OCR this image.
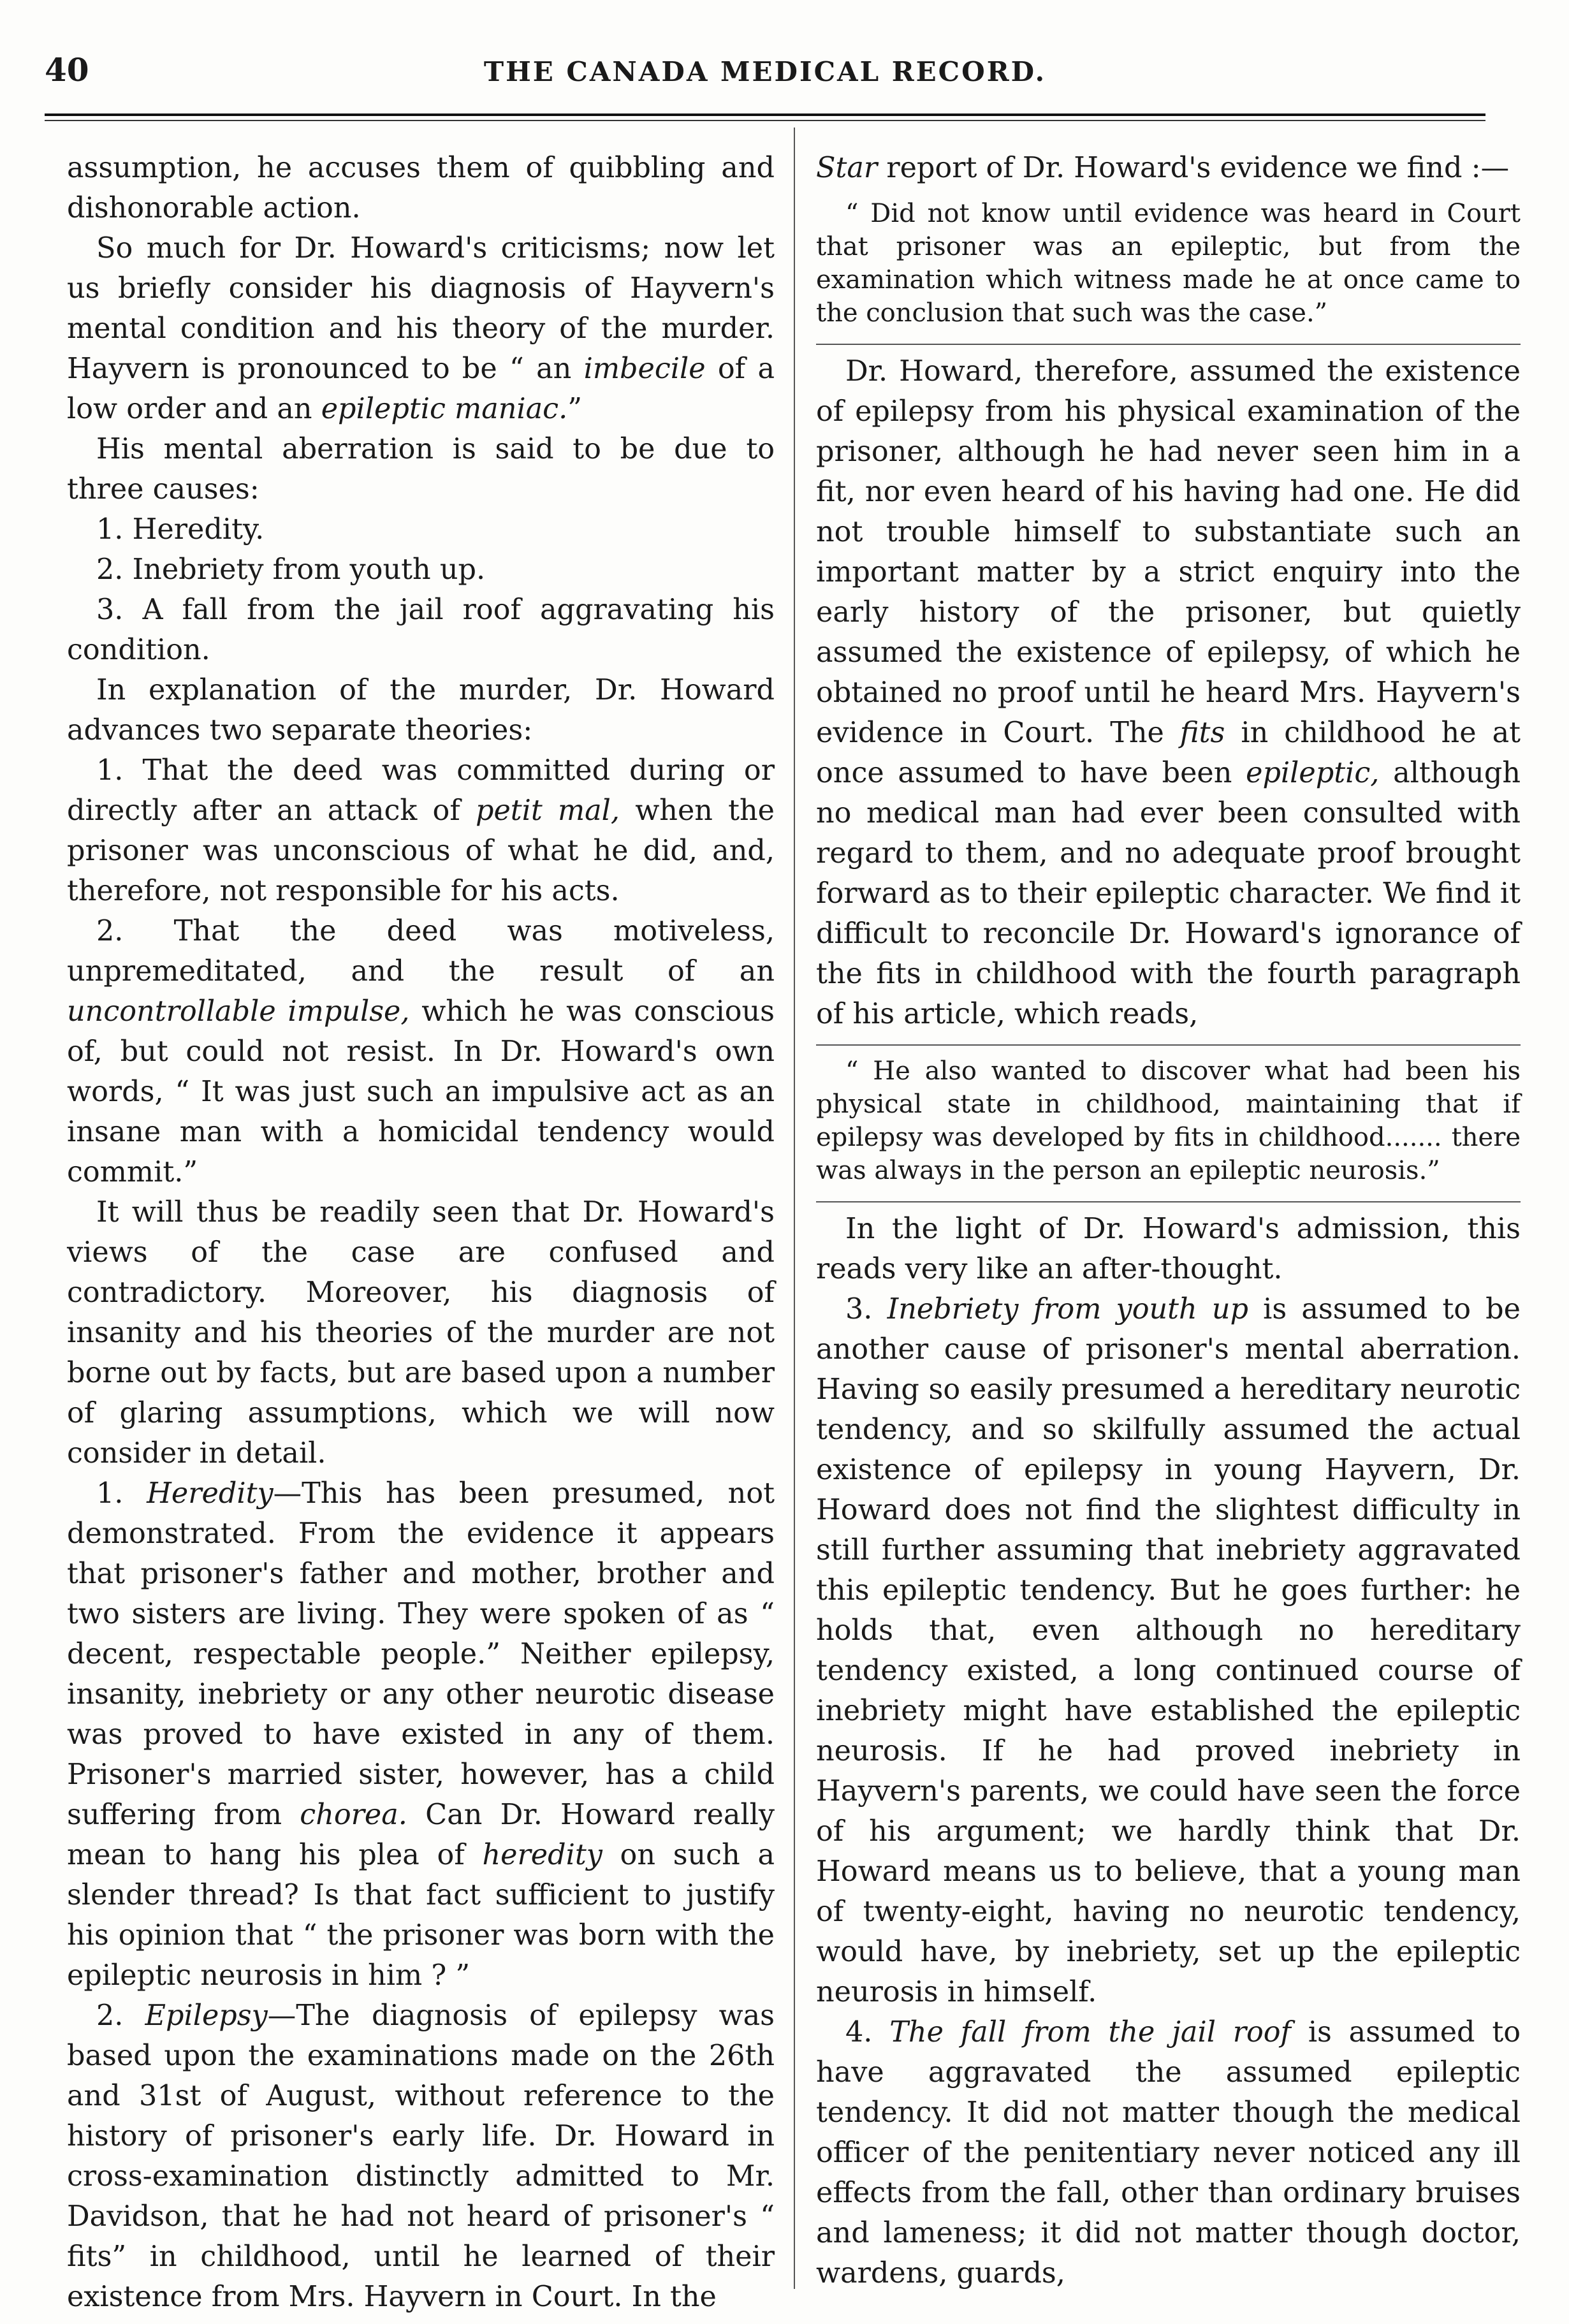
40	THE CANADA MEDICAL RECORD.

assumption, he accuses them of quibbling and dishonorable action.

So much for Dr. Howard's criticisms; now let us briefly consider his diagnosis of Hayvern's mental condition and his theory of the murder. Hayvern is pronounced to be “ an imbecile of a low order and an epileptic maniac.”

His mental aberration is said to be due to three causes:

1. Heredity.

2. Inebriety from youth up.

3. A fall from the jail roof aggravating his condition.

In explanation of the murder, Dr. Howard advances two separate theories:

1. That the deed was committed during or directly after an attack of petit mal, when the prisoner was unconscious of what he did, and, therefore, not responsible for his acts.

2. That the deed was motiveless, unpremeditated, and the result of an uncontrollable impulse, which he was conscious of, but could not resist. In Dr. Howard's own words, “ It was just such an impulsive act as an insane man with a homicidal tendency would commit.”

It will thus be readily seen that Dr. Howard's views of the case are confused and contradictory. Moreover, his diagnosis of insanity and his theories of the murder are not borne out by facts, but are based upon a number of glaring assumptions, which we will now consider in detail.

1. Heredity—This has been presumed, not demonstrated. From the evidence it appears that prisoner's father and mother, brother and two sisters are living. They were spoken of as “ decent, respectable people.” Neither epilepsy, insanity, inebriety or any other neurotic disease was proved to have existed in any of them. Prisoner's married sister, however, has a child suffering from chorea. Can Dr. Howard really mean to hang his plea of heredity on such a slender thread? Is that fact sufficient to justify his opinion that “ the prisoner was born with the epileptic neurosis in him ? ”

2. Epilepsy—The diagnosis of epilepsy was based upon the examinations made on the 26th and 31st of August, without reference to the history of prisoner's early life. Dr. Howard in cross-examination distinctly admitted to Mr. Davidson, that he had not heard of prisoner's “ fits” in childhood, until he learned of their existence from Mrs. Hayvern in Court. In the

Star report of Dr. Howard's evidence we find :—

“ Did not know until evidence was heard in Court that prisoner was an epileptic, but from the examination which witness made he at once came to the conclusion that such was the case.”

Dr. Howard, therefore, assumed the existence of epilepsy from his physical examination of the prisoner, although he had never seen him in a fit, nor even heard of his having had one. He did not trouble himself to substantiate such an important matter by a strict enquiry into the early history of the prisoner, but quietly assumed the existence of epilepsy, of which he obtained no proof until he heard Mrs. Hayvern's evidence in Court. The fits in childhood he at once assumed to have been epileptic, although no medical man had ever been consulted with regard to them, and no adequate proof brought forward as to their epileptic character. We find it difficult to reconcile Dr. Howard's ignorance of the fits in childhood with the fourth paragraph of his article, which reads,

“ He also wanted to discover what had been his physical state in childhood, maintaining that if epilepsy was developed by fits in childhood....... there was always in the person an epileptic neurosis.”

In the light of Dr. Howard's admission, this reads very like an after-thought.

3. Inebriety from youth up is assumed to be another cause of prisoner's mental aberration. Having so easily presumed a hereditary neurotic tendency, and so skilfully assumed the actual existence of epilepsy in young Hayvern, Dr. Howard does not find the slightest difficulty in still further assuming that inebriety aggravated this epileptic tendency. But he goes further: he holds that, even although no hereditary tendency existed, a long continued course of inebriety might have established the epileptic neurosis. If he had proved inebriety in Hayvern's parents, we could have seen the force of his argument; we hardly think that Dr. Howard means us to believe, that a young man of twenty-eight, having no neurotic tendency, would have, by inebriety, set up the epileptic neurosis in himself.

4. The fall from the jail roof is assumed to have aggravated the assumed epileptic tendency. It did not matter though the medical officer of the penitentiary never noticed any ill effects from the fall, other than ordinary bruises and lameness; it did not matter though doctor, wardens, guards,
